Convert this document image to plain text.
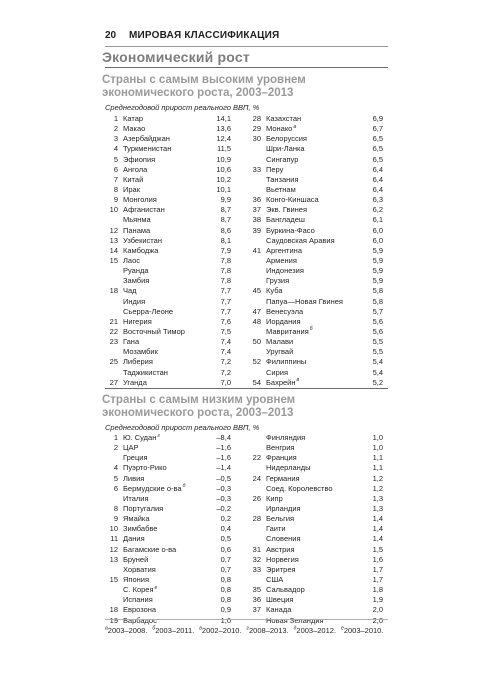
20 МИРОВАЯ КЛАССИФИКАЦИЯ
Экономический рост
Страны с самым высоким уровнем
экономического роста, 2003–2013
Среднегодовой прирост реального ВВП, %
1 Катар	14,1
2 Макао	13,6
3 Азербайджан	12,4
4 Туркменистан	11,5
5 Эфиопия	10,9
6 Ангола	10,6
7 Китай	10,2
8 Ирак	10,1
9 Монголия	9,9
10 Афганистан	8,7
Мьянма	8,7
12 Панама	8,6
13 Узбекистан	8,1
14 Камбоджа	7,9
15 Лаос	7,8
Руанда	7,8
Замбия	7,8
18 Чад	7,7
Индия	7,7
Сьерра-Леоне	7,7
21 Нигерия	7,6
22 Восточный Тимор	7,5
23 Гана	7,4
Мозамбик	7,4
25 Либерия	7,2
Таджикистан	7,2
27 Уганда	7,0
28 Казахстан	6,9
29 Монако$^a$	6,7
30 Белоруссия	6,5
Шри-Ланка	6,5
Сингапур	6,5
33 Перу	6,4
Танзания	6,4
Вьетнам	6,4
36 Конго-Киншаса	6,3
37 Экв. Гвинея	6,2
38 Бангладеш	6,1
39 Буркина-Фасо	6,0
Саудовская Аравия	6,0
41 Аргентина	5,9
Армения	5,9
Индонезия	5,9
Грузия	5,9
45 Куба	5,8
Папуа—Новая Гвинея	5,8
47 Венесуэла	5,7
48 Иордания	5,6
Мавритания$^б$	5,6
50 Малави	5,5
Уругвай	5,5
52 Филиппины	5,4
Сирия	5,4
54 Бахрейн$^в$	5,2
Страны с самым низким уровнем
экономического роста, 2003–2013
Среднегодовой прирост реального ВВП, %
1 Ю. Судан$^г$	–8,4
2 ЦАР	–1,6
Греция	–1,6
4 Пуэрто-Рико	–1,4
5 Ливия	–0,5
6 Бермудские $о-ва^д$	–0,3
Италия	–0,3
8 Португалия	–0,2
9 Ямайка	0,2
10 Зимбабве	0,4
11 Дания	0,5
12 Багамские о-ва	0,6
13 Бруней	0,7
Хорватия	0,7
15 Япония	0,8
С. Корея$^е$	0,8
Испания	0,8
18 Еврозона	0,9
19 Барбадос	1,0
Финляндия	1,0
Венгрия	1,0
22 Франция	1,1
Нидерланды	1,1
24 Германия	1,2
Соед. Королевство	1,2
26 Кипр	1,3
Ирландия	1,3
28 Бельгия	1,4
Гаити	1,4
Словения	1,4
31 Австрия	1,5
32 Норвегия	1,6
33 Эритрея	1,7
США	1,7
35 Сальвадор	1,8
36 Швеция	1,9
37 Канада	2,0
Новая Зеландия	2,0
$^a$2003–2008. $^б$2003–2011. $^в$2002–2010. $^г$2008–2013. $^д$2003–2012. $^е$2003–2010.
